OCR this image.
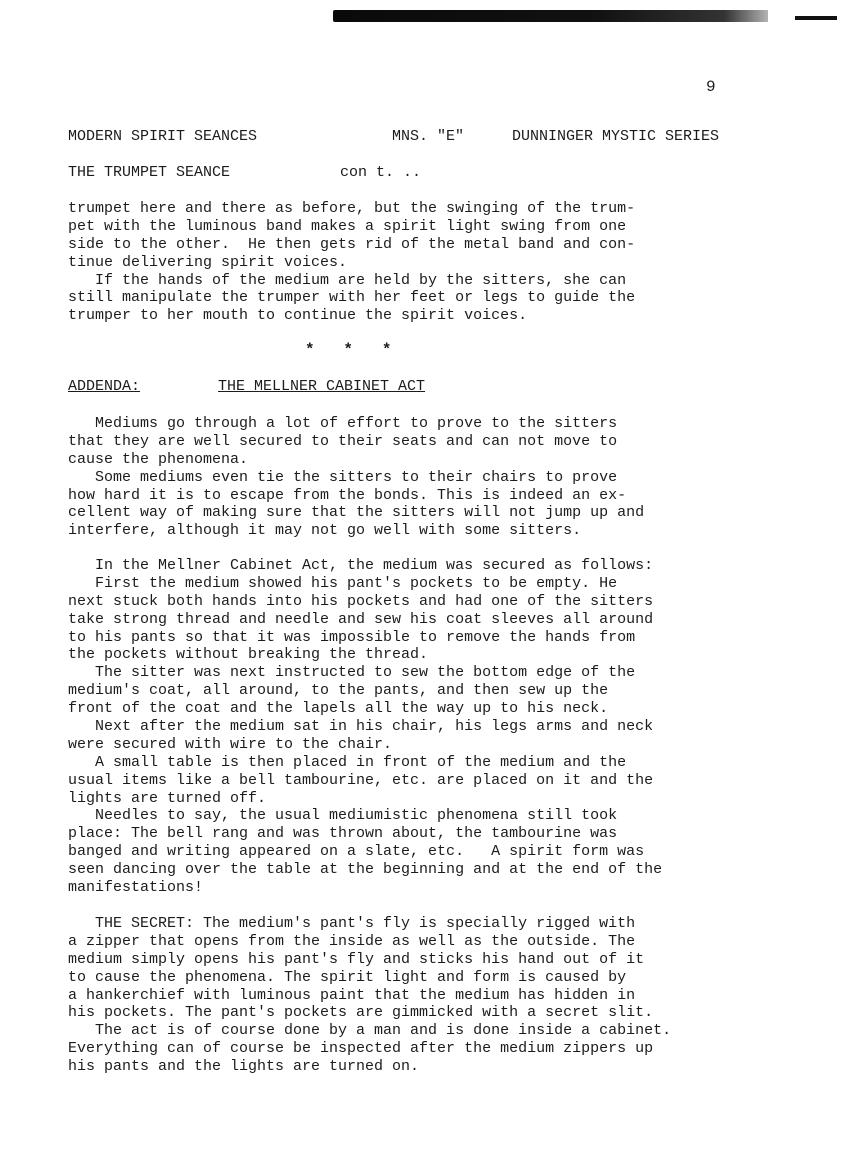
9
MODERN SPIRIT SEANCES	MNS. "E"	DUNNINGER MYSTIC SERIES
THE TRUMPET SEANCE	con t. ..
trumpet here and there as before, but the swinging of the trum-
pet with the luminous band makes a spirit light swing from one
side to the other.  He then gets rid of the metal band and con-
tinue delivering spirit voices.
If the hands of the medium are held by the sitters, she can
still manipulate the trumper with her feet or legs to guide the
trumper to her mouth to continue the spirit voices.
*   *   *
ADDENDA:	THE MELLNER CABINET ACT
Mediums go through a lot of effort to prove to the sitters
that they are well secured to their seats and can not move to
cause the phenomena.
Some mediums even tie the sitters to their chairs to prove
how hard it is to escape from the bonds. This is indeed an ex-
cellent way of making sure that the sitters will not jump up and
interfere, although it may not go well with some sitters.
In the Mellner Cabinet Act, the medium was secured as follows:
First the medium showed his pant's pockets to be empty. He
next stuck both hands into his pockets and had one of the sitters
take strong thread and needle and sew his coat sleeves all around
to his pants so that it was impossible to remove the hands from
the pockets without breaking the thread.
The sitter was next instructed to sew the bottom edge of the
medium's coat, all around, to the pants, and then sew up the
front of the coat and the lapels all the way up to his neck.
Next after the medium sat in his chair, his legs arms and neck
were secured with wire to the chair.
A small table is then placed in front of the medium and the
usual items like a bell tambourine, etc. are placed on it and the
lights are turned off.
Needles to say, the usual mediumistic phenomena still took
place: The bell rang and was thrown about, the tambourine was
banged and writing appeared on a slate, etc.   A spirit form was
seen dancing over the table at the beginning and at the end of the
manifestations!
THE SECRET: The medium's pant's fly is specially rigged with
a zipper that opens from the inside as well as the outside. The
medium simply opens his pant's fly and sticks his hand out of it
to cause the phenomena. The spirit light and form is caused by
a hankerchief with luminous paint that the medium has hidden in
his pockets. The pant's pockets are gimmicked with a secret slit.
The act is of course done by a man and is done inside a cabinet.
Everything can of course be inspected after the medium zippers up
his pants and the lights are turned on.
